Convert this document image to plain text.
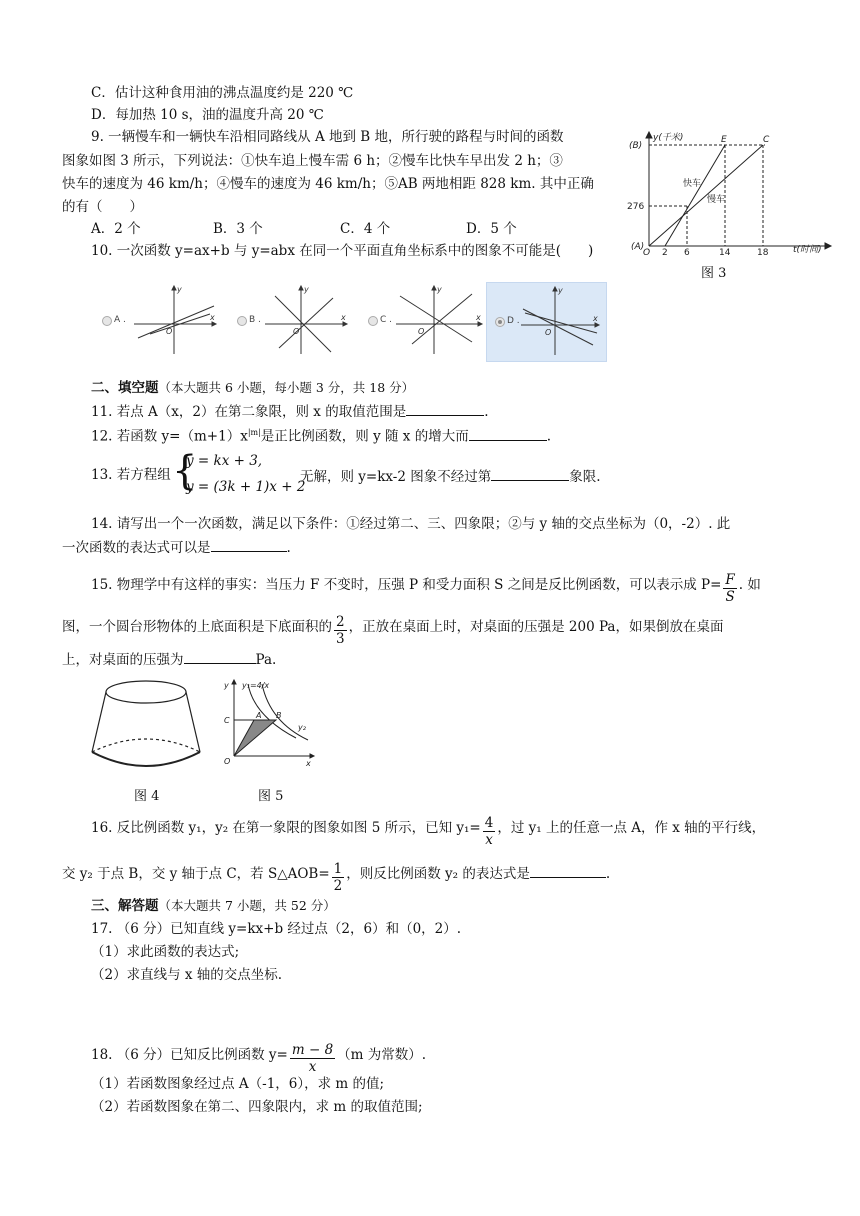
C．估计这种食用油的沸点温度约是 220 ℃
D．每加热 10 s，油的温度升高 20 ℃
9. 一辆慢车和一辆快车沿相同路线从 A 地到 B 地，所行驶的路程与时间的函数
图象如图 3 所示，下列说法：①快车追上慢车需 6 h；②慢车比快车早出发 2 h；③
快车的速度为 46 km/h；④慢车的速度为 46 km/h；⑤AB 两地相距 828 km. 其中正确
的有（　　）
A．2 个	B．3 个	C．4 个	D．5 个
y(千米)
t(时间)
(B)
276
(A)
O 2 6	14	18
E	C
快车
慢车
图 3
10. 一次函数 y=ax+b 与 y=abx 在同一个平面直角坐标系中的图象不可能是(　　)
A .
y
x
O
B .
y
x
O
C .
y
x
O
D .
y
x
O
二、填空题（本大题共 6 小题，每小题 3 分，共 18 分）
11. 若点 A（x，2）在第二象限，则 x 的取值范围是	.
12. 若函数 $y=(m+1)x^{|m|}$是正比例函数，则 y 随 x 的增大而	.
13. 若方程组 {
y = kx + 3,
y = (3k + 1)x + 2
无解，则 y=kx-2 图象不经过第	象限.
14. 请写出一个一次函数，满足以下条件：①经过第二、三、四象限；②与 y 轴的交点坐标为（0，-2）. 此
一次函数的表达式可以是	.
15. 物理学中有这样的事实：当压力 F 不变时，压强 P 和受力面积 S 之间是反比例函数，可以表示成 $P= \frac{F}{S}$ . 如
图，一个圆台形物体的上底面积是下底面积的 $\frac{2}{3}$ ，正放在桌面上时，对桌面的压强是 200 Pa，如果倒放在桌面
上，对桌面的压强为	Pa.
图 4
y y₁=4/x
C
A B
y₂
O	x
图 5
16. 反比例函数 y₁，y₂ 在第一象限的图象如图 5 所示，已知 $y_1= \frac{4}{x}$ ，过 y₁ 上的任意一点 A，作 x 轴的平行线，
交 y₂ 于点 B，交 y 轴于点 C，若 S△AOB= $\frac{1}{2}$ ，则反比例函数 y₂ 的表达式是	.
三、解答题（本大题共 7 小题，共 52 分）
17. （6 分）已知直线 y=kx+b 经过点（2，6）和（0，2）.
（1）求此函数的表达式;
（2）求直线与 x 轴的交点坐标.
18. （6 分）已知反比例函数 $y= \frac{m - 8}{x} (m$ 为常数）.
（1）若函数图象经过点 A（-1，6），求 m 的值;
（2）若函数图象在第二、四象限内，求 m 的取值范围;
